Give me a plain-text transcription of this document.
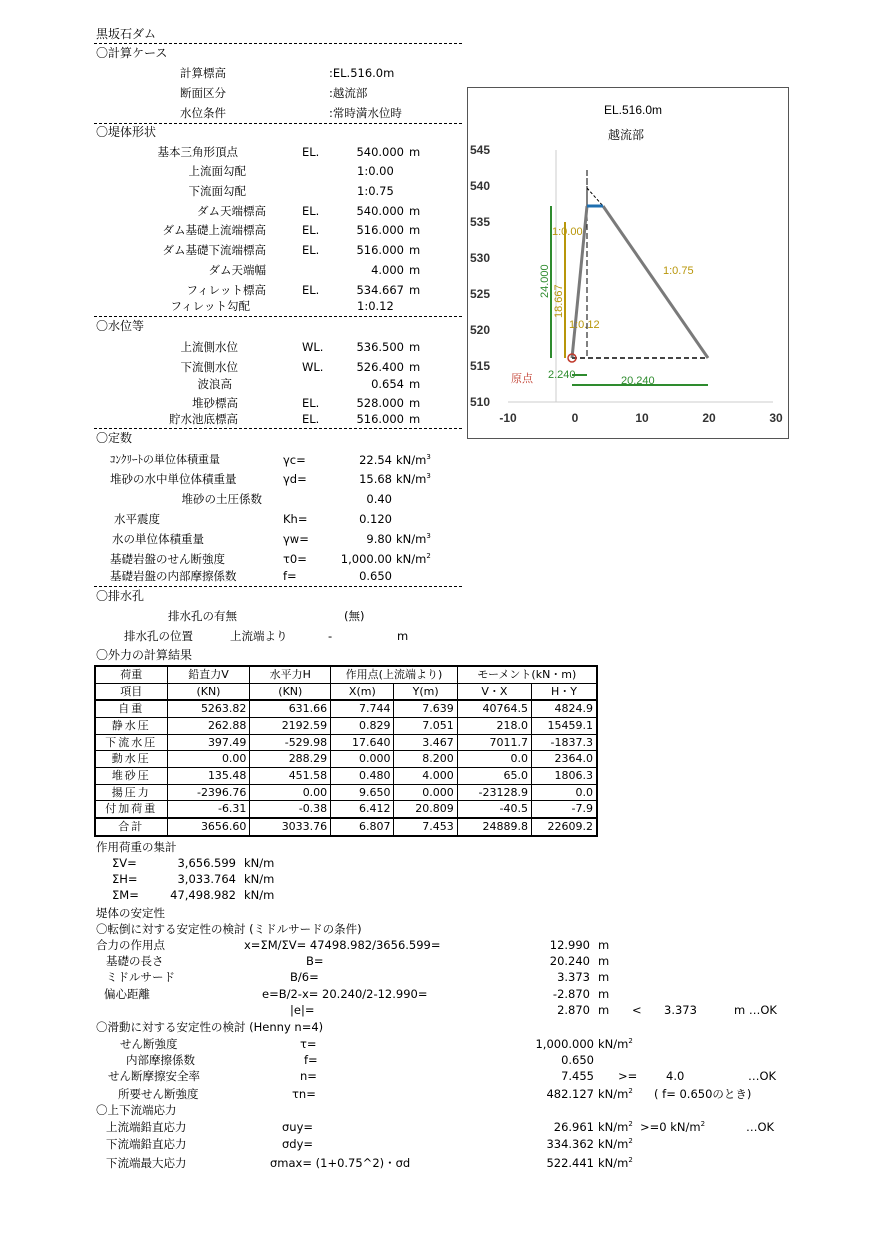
黒坂石ダム
〇計算ケース
計算標高	:EL.516.0m
断面区分	:越流部
水位条件	:常時満水位時
〇堤体形状
基本三角形頂点	EL.	540.000 m
上流面勾配	1:0.00
下流面勾配	1:0.75
ダム天端標高	EL.	540.000 m
ダム基礎上流端標高	EL.	516.000 m
ダム基礎下流端標高	EL.	516.000 m
ダム天端幅	4.000 m
フィレット標高	EL.	534.667 m
フィレット勾配	1:0.12
〇水位等
上流側水位	WL.	536.500 m
下流側水位	WL.	526.400 m
波浪高	0.654 m
堆砂標高	EL.	528.000 m
貯水池底標高	EL.	516.000 m
〇定数
ｺﾝｸﾘｰﾄの単位体積重量	γc=	22.54 $kN/m^3$
堆砂の水中単位体積重量	γd=	15.68 $kN/m^3$
堆砂の土圧係数	0.40
水平震度	Kh=	0.120
水の単位体積重量	γw=	9.80 $kN/m^3$
基礎岩盤のせん断強度	τ0=	1,000.00 $kN/m^2$
基礎岩盤の内部摩擦係数	f=	0.650
〇排水孔
排水孔の有無	(無)
排水孔の位置	上流端より	-	m
〇外力の計算結果
荷重	鉛直力V	水平力H	作用点(上流端より)		モーメント(kN・m)	
項目	(KN)	(KN)	X(m)	Y(m)	V・X	H・Y
自重	5263.82	631.66	7.744	7.639	40764.5	4824.9
静水圧	262.88	2192.59	0.829	7.051	218.0	15459.1
下流水圧	397.49	-529.98	17.640	3.467	7011.7	-1837.3
動水圧	0.00	288.29	0.000	8.200	0.0	2364.0
堆砂圧	135.48	451.58	0.480	4.000	65.0	1806.3
揚圧力	-2396.76	0.00	9.650	0.000	-23128.9	0.0
付加荷重	-6.31	-0.38	6.412	20.809	-40.5	-7.9
合計	3656.60	3033.76	6.807	7.453	24889.8	22609.2
作用荷重の集計
ΣV=	3,656.599 kN/m
ΣH=	3,033.764 kN/m
ΣM=	47,498.982 kN/m
堤体の安定性
〇転倒に対する安定性の検討 (ミドルサードの条件)
合力の作用点	x=ΣM/ΣV= 47498.982/3656.599=	12.990 m
基礎の長さ	B=	20.240 m
ミドルサード	B/6=	3.373 m
偏心距離	e=B/2-x= 20.240/2-12.990=	-2.870 m
|e|=	2.870 m < 3.373	m …OK
〇滑動に対する安定性の検討 (Henny n=4)
せん断強度	τ=	1,000.000 $kN/m^2$
内部摩擦係数	f=	0.650
せん断摩擦安全率	n=	7.455 >= 4.0	…OK
所要せん断強度	τn=	482.127 $kN/m^2$ ( f= 0.650のとき)
〇上下流端応力
上流端鉛直応力	σuy=	26.961 $kN/m^2 >=0$ $kN/m^2$	…OK
下流端鉛直応力	σdy=	334.362 $kN/m^2$
下流端最大応力	σmax= (1+0.75^2)・σd	522.441 $kN/m^2$
EL.516.0m
越流部
545
540
535
530
525
520
515
510
-10	0	10	20	30
1:0.00
1:0.75
1:0.12
24.000
18.667
20.240
2.240
原点
